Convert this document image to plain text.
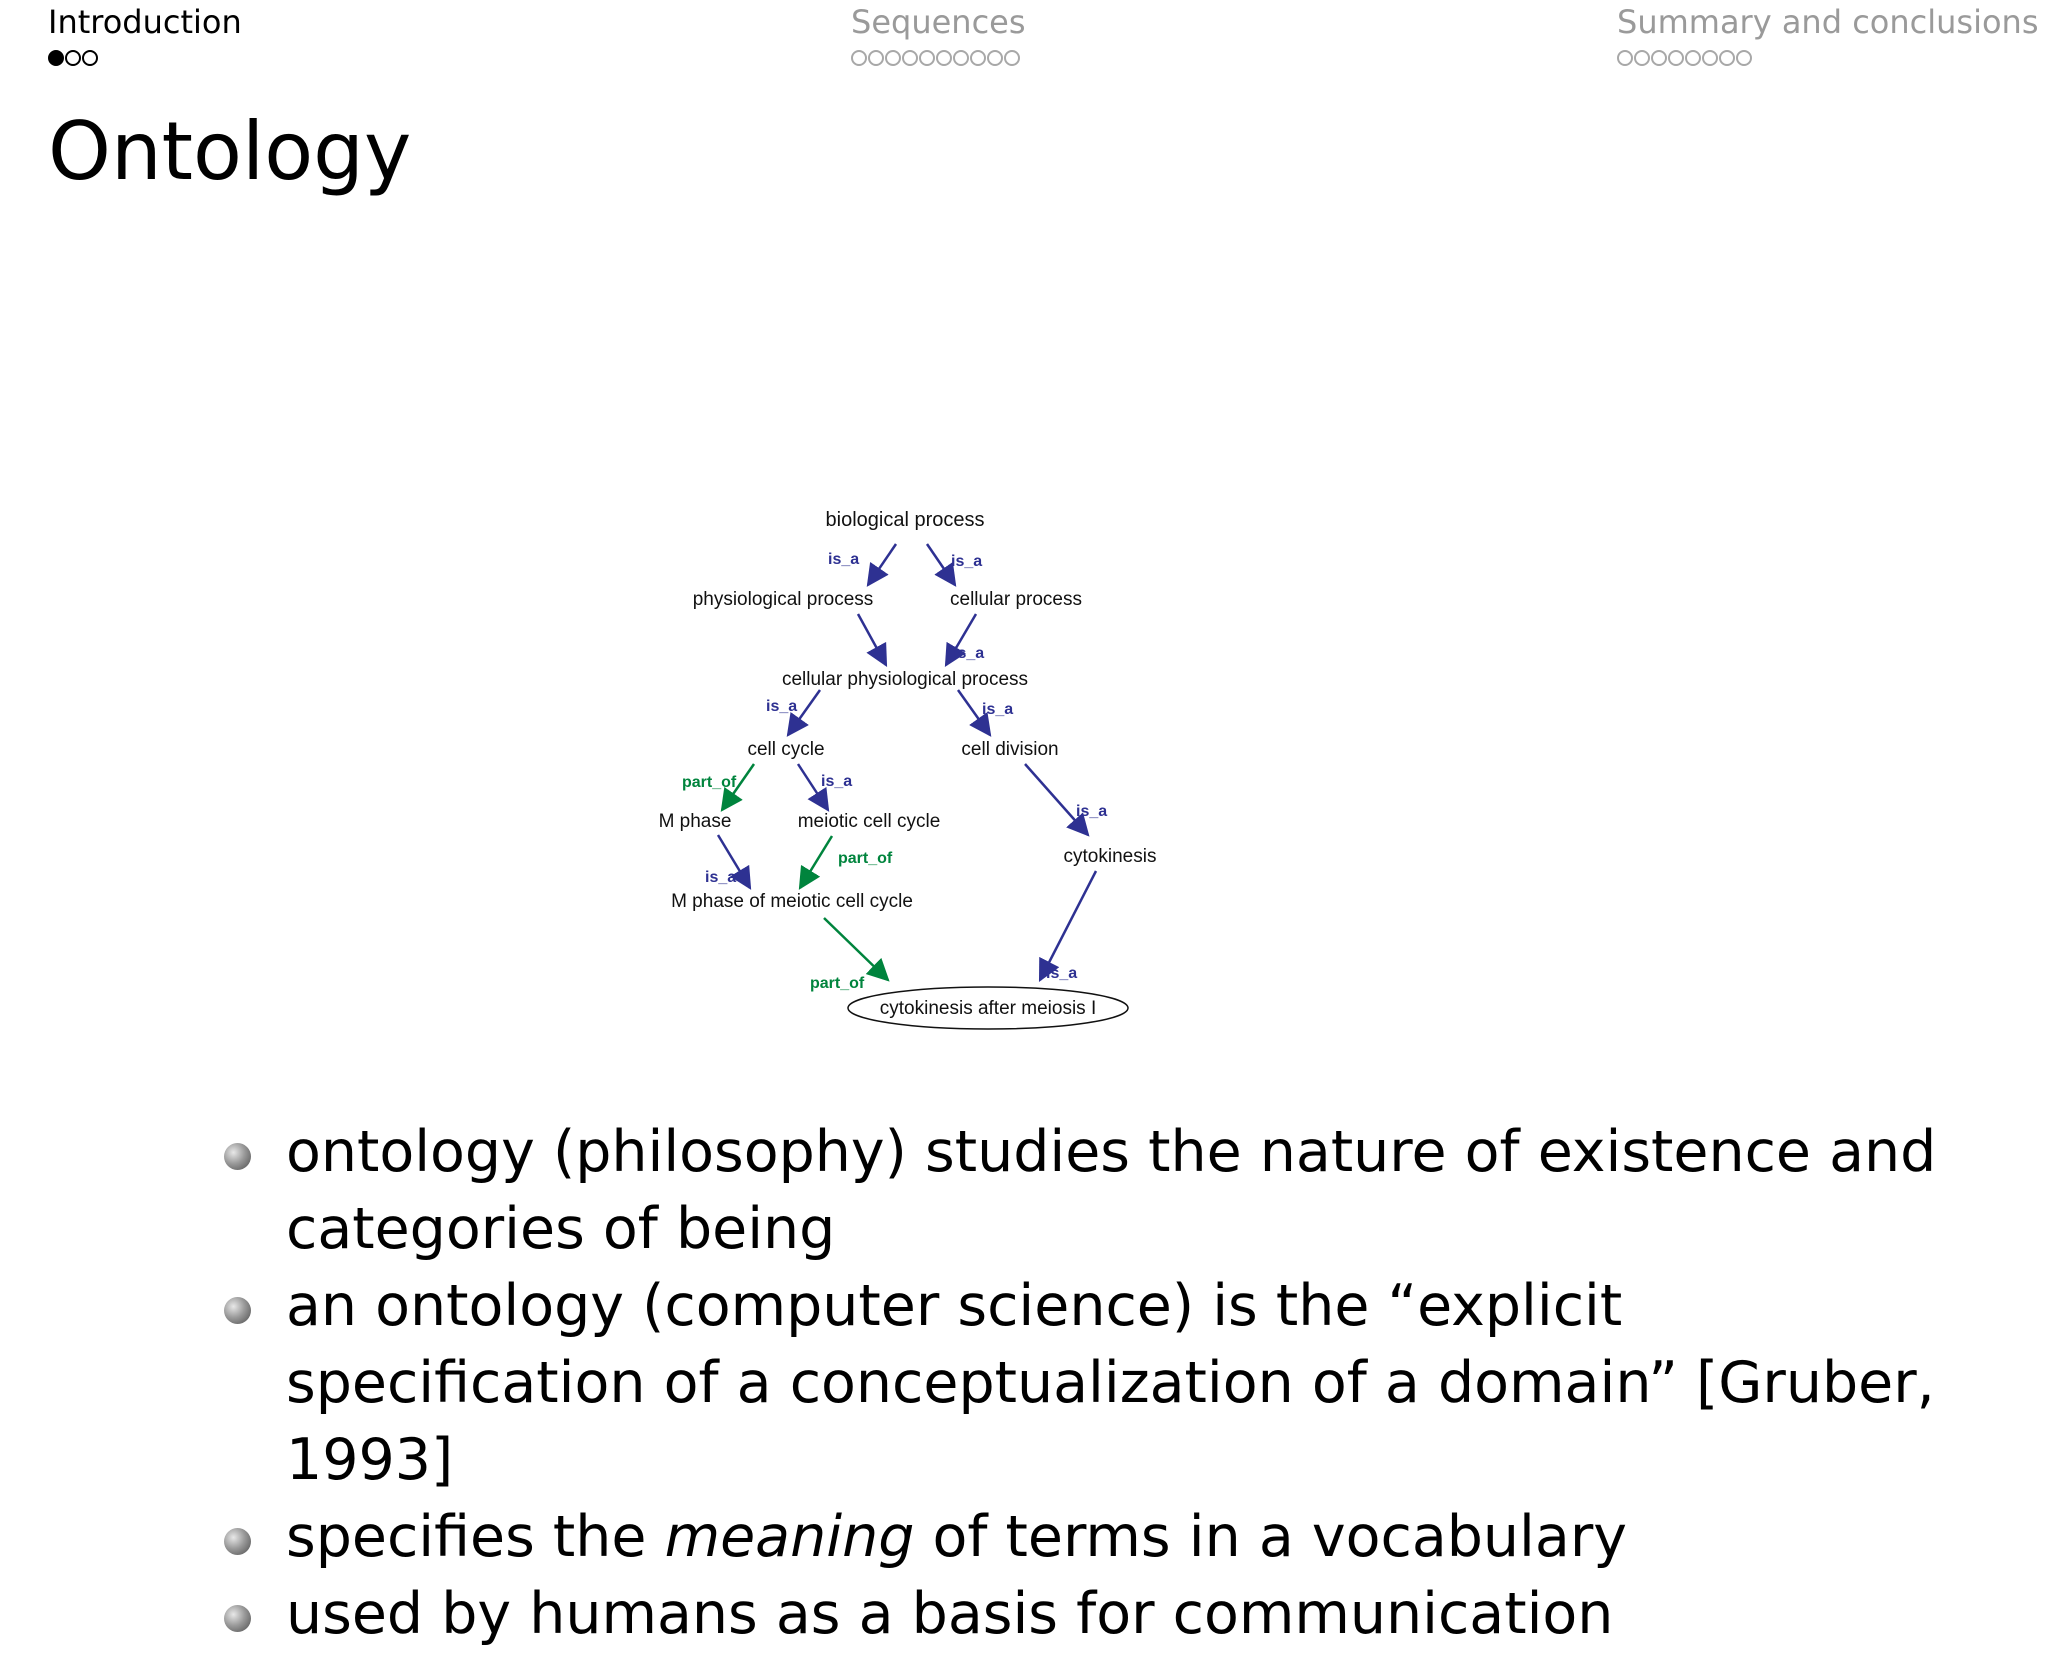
Introduction	Sequences	Summary and conclusions
Ontology
is_a	is_a
is_a
is_a	is_a
is_a
is_a
is_a
is_a
part_of
part_of
part_of
biological process
physiological process	cellular process
cellular physiological process
cell cycle	cell division
M phase	meiotic cell cycle
cytokinesis
M phase of meiotic cell cycle
cytokinesis after meiosis I
ontology (philosophy) studies the nature of existence and categories of being
an ontology (computer science) is the “explicit specification of a conceptualization of a domain” [Gruber, 1993]
specifies the meaning of terms in a vocabulary
used by humans as a basis for communication
